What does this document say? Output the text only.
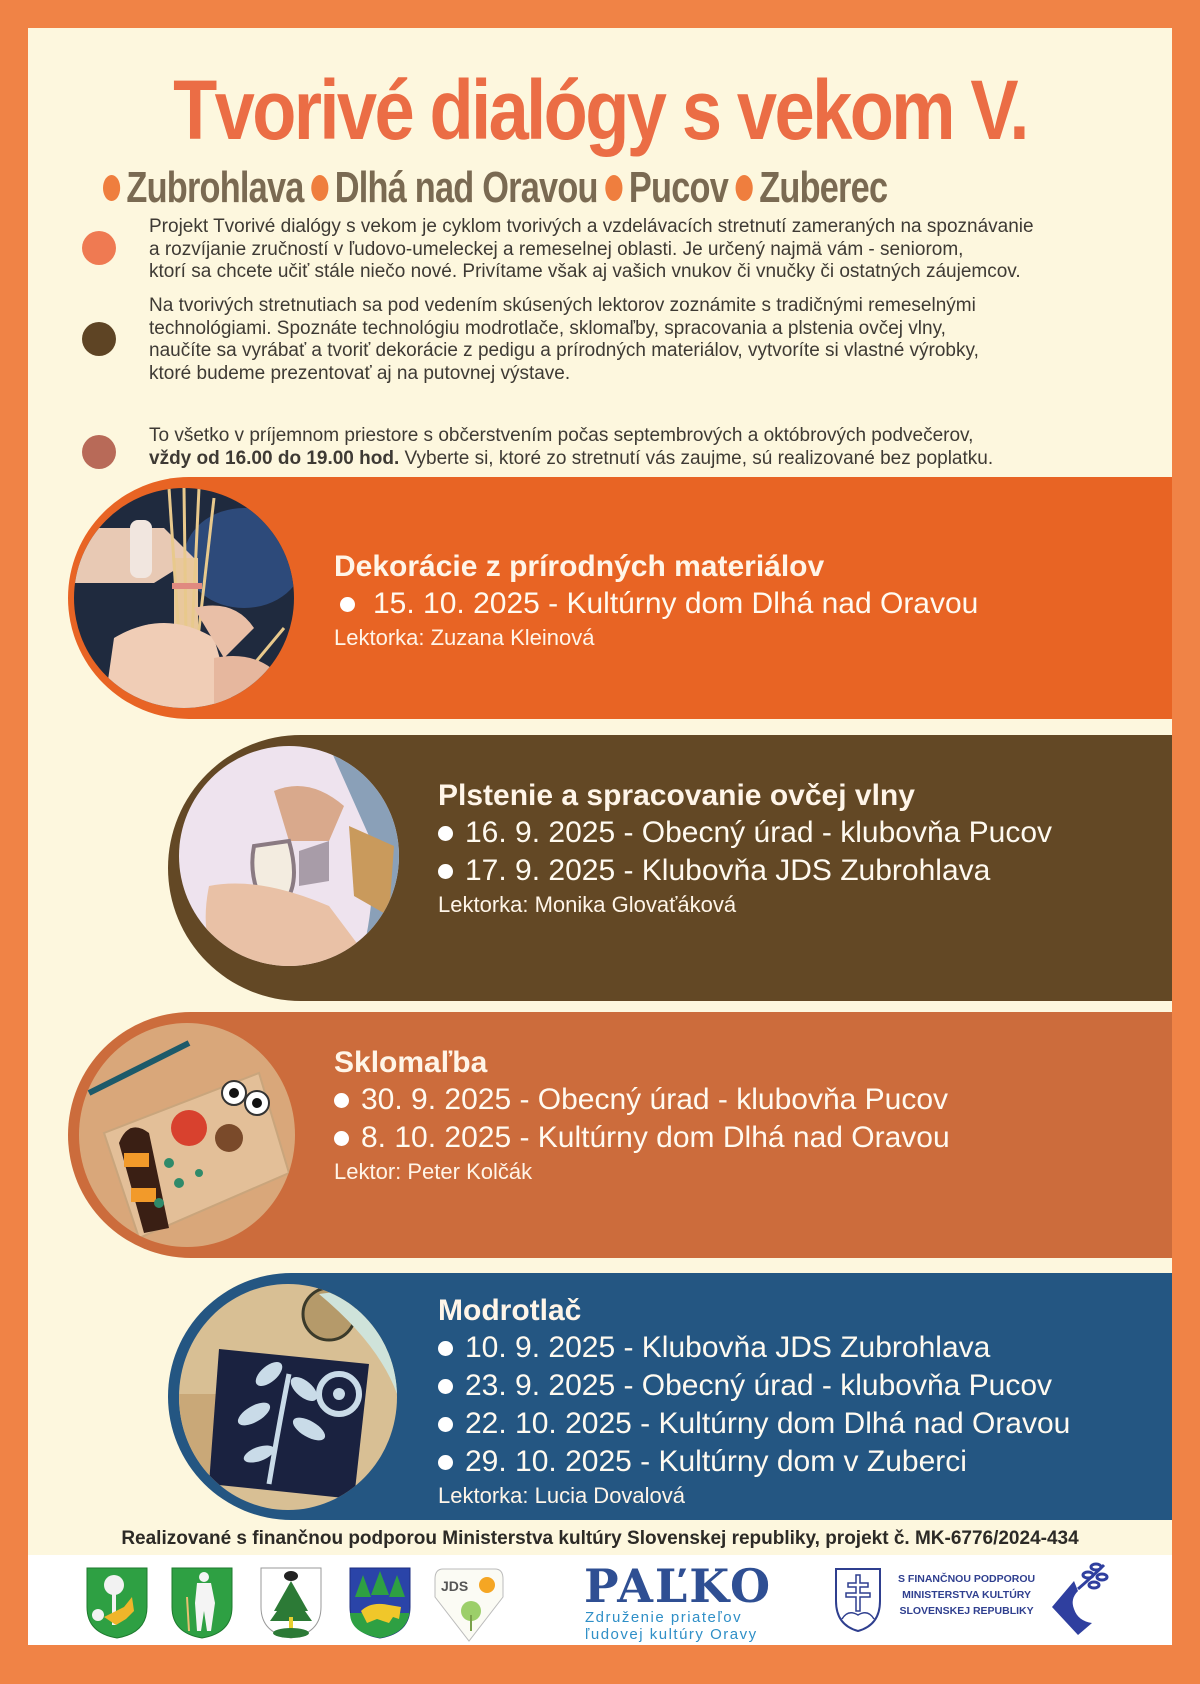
Tvorivé dialógy s vekom V.
Zubrohlava Dlhá nad Oravou Pucov Zuberec
Projekt Tvorivé dialógy s vekom je cyklom tvorivých a vzdelávacích stretnutí zameraných na spoznávanie
a rozvíjanie zručností v ľudovo-umeleckej a remeselnej oblasti. Je určený najmä vám - seniorom,
ktorí sa chcete učiť stále niečo nové. Privítame však aj vašich vnukov či vnučky či ostatných záujemcov.
Na tvorivých stretnutiach sa pod vedením skúsených lektorov zoznámite s tradičnými remeselnými
technológiami. Spoznáte technológiu modrotlače, sklomaľby, spracovania a plstenia ovčej vlny,
naučíte sa vyrábať a tvoriť dekorácie z pedigu a prírodných materiálov, vytvoríte si vlastné výrobky,
ktoré budeme prezentovať aj na putovnej výstave.
To všetko v príjemnom priestore s občerstvením počas septembrových a októbrových podvečerov,
vždy od 16.00 do 19.00 hod. Vyberte si, ktoré zo stretnutí vás zaujme, sú realizované bez poplatku.
Dekorácie z prírodných materiálov
15. 10. 2025 - Kultúrny dom Dlhá nad Oravou
Lektorka: Zuzana Kleinová
Plstenie a spracovanie ovčej vlny
16. 9. 2025 - Obecný úrad - klubovňa Pucov
17. 9. 2025 - Klubovňa JDS Zubrohlava
Lektorka: Monika Glovaťáková
Sklomaľba
30. 9. 2025 - Obecný úrad - klubovňa Pucov
8. 10. 2025 - Kultúrny dom Dlhá nad Oravou
Lektor: Peter Kolčák
Modrotlač
10. 9. 2025 - Klubovňa JDS Zubrohlava
23. 9. 2025 - Obecný úrad - klubovňa Pucov
22. 10. 2025 - Kultúrny dom Dlhá nad Oravou
29. 10. 2025 - Kultúrny dom v Zuberci
Lektorka: Lucia Dovalová
Realizované s finančnou podporou Ministerstva kultúry Slovenskej republiky, projekt č. MK-6776/2024-434
JDS	PAĽKO
Združenie priateľov
ľudovej kultúry Oravy
S FINANČNOU PODPOROU
MINISTERSTVA KULTÚRY
SLOVENSKEJ REPUBLIKY
